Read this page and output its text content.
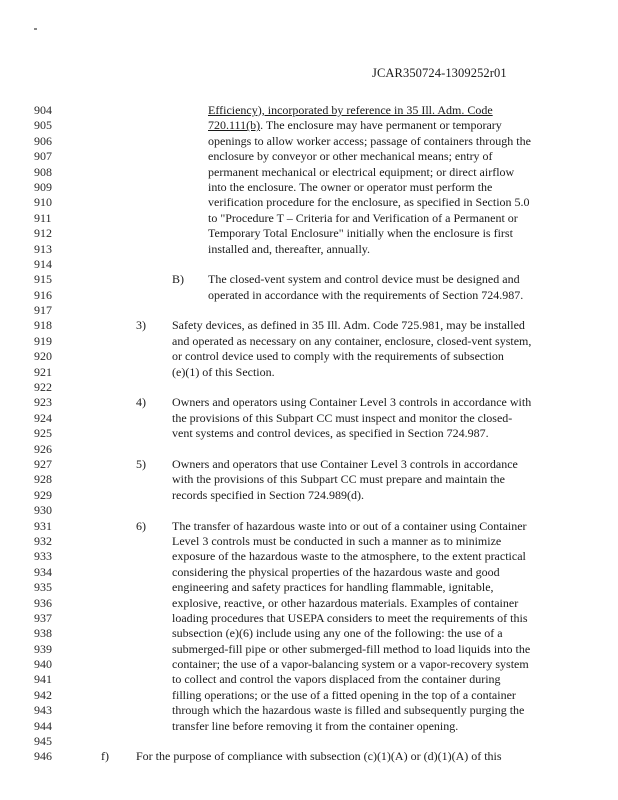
JCAR350724-1309252r01
904	Efficiency), incorporated by reference in 35 Ill. Adm. Code
905	720.111(b). The enclosure may have permanent or temporary
906	openings to allow worker access; passage of containers through the
907	enclosure by conveyor or other mechanical means; entry of
908	permanent mechanical or electrical equipment; or direct airflow
909	into the enclosure. The owner or operator must perform the
910	verification procedure for the enclosure, as specified in Section 5.0
911	to "Procedure T – Criteria for and Verification of a Permanent or
912	Temporary Total Enclosure" initially when the enclosure is first
913	installed and, thereafter, annually.
914
915	B) The closed-vent system and control device must be designed and
916	operated in accordance with the requirements of Section 724.987.
917
918	3) Safety devices, as defined in 35 Ill. Adm. Code 725.981, may be installed
919	and operated as necessary on any container, enclosure, closed-vent system,
920	or control device used to comply with the requirements of subsection
921	(e)(1) of this Section.
922
923	4) Owners and operators using Container Level 3 controls in accordance with
924	the provisions of this Subpart CC must inspect and monitor the closed-
925	vent systems and control devices, as specified in Section 724.987.
926
927	5) Owners and operators that use Container Level 3 controls in accordance
928	with the provisions of this Subpart CC must prepare and maintain the
929	records specified in Section 724.989(d).
930
931	6) The transfer of hazardous waste into or out of a container using Container
932	Level 3 controls must be conducted in such a manner as to minimize
933	exposure of the hazardous waste to the atmosphere, to the extent practical
934	considering the physical properties of the hazardous waste and good
935	engineering and safety practices for handling flammable, ignitable,
936	explosive, reactive, or other hazardous materials. Examples of container
937	loading procedures that USEPA considers to meet the requirements of this
938	subsection (e)(6) include using any one of the following: the use of a
939	submerged-fill pipe or other submerged-fill method to load liquids into the
940	container; the use of a vapor-balancing system or a vapor-recovery system
941	to collect and control the vapors displaced from the container during
942	filling operations; or the use of a fitted opening in the top of a container
943	through which the hazardous waste is filled and subsequently purging the
944	transfer line before removing it from the container opening.
945
946	f) For the purpose of compliance with subsection (c)(1)(A) or (d)(1)(A) of this
